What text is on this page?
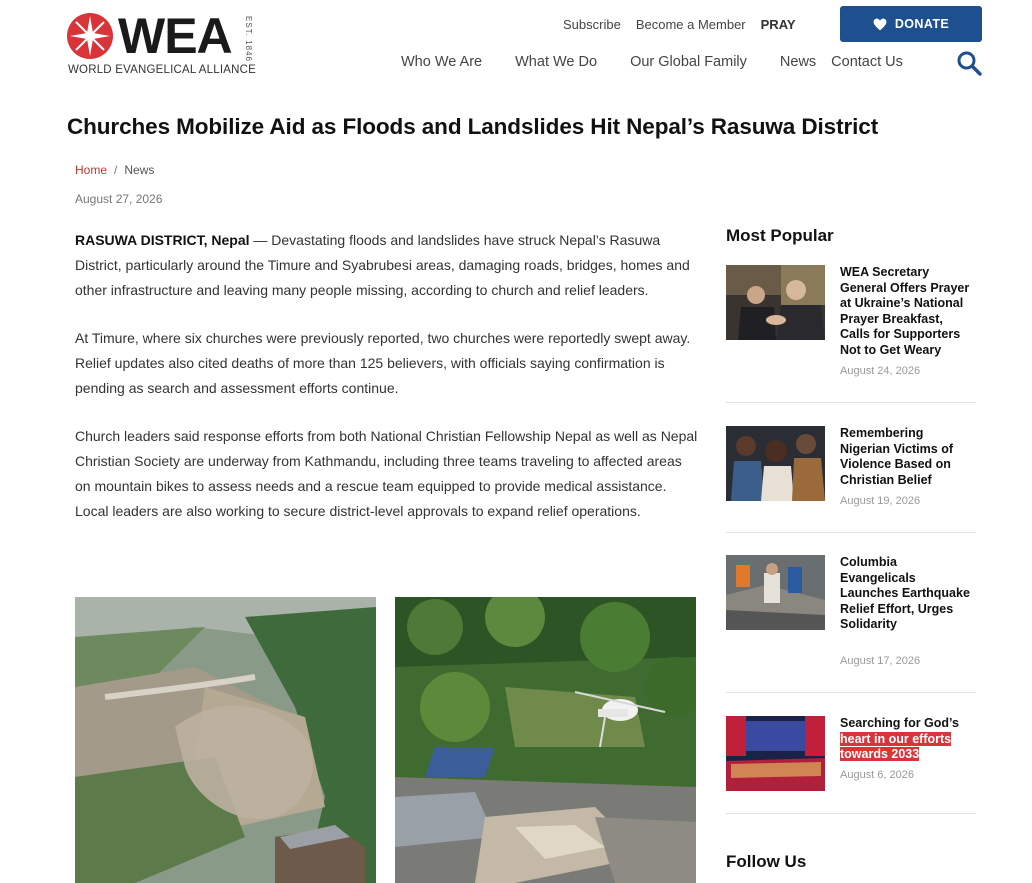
WEA EST. 1846
WORLD EVANGELICAL ALLIANCE
Subscribe Become a Member PRAY	DONATE
Who We Are What We Do Our Global Family News Contact Us
Churches Mobilize Aid as Floods and Landslides Hit Nepal’s Rasuwa District
Home / News
August 27, 2026

RASUWA DISTRICT, Nepal — Devastating floods and landslides have struck Nepal’s Rasuwa District, particularly around the Timure and Syabrubesi areas, damaging roads, bridges, homes and other infrastructure and leaving many people missing, according to church and relief leaders.

At Timure, where six churches were previously reported, two churches were reportedly swept away. Relief updates also cited deaths of more than 125 believers, with officials saying confirmation is pending as search and assessment efforts continue.

Church leaders said response efforts from both National Christian Fellowship Nepal as well as Nepal Christian Society are underway from Kathmandu, including three teams traveling to affected areas on mountain bikes to assess needs and a rescue team equipped to provide medical assistance. Local leaders are also working to secure district-level approvals to expand relief operations.

Most Popular
WEA Secretary General Offers Prayer at Ukraine’s National Prayer Breakfast, Calls for Supporters Not to Get Weary
August 24, 2026
Remembering Nigerian Victims of Violence Based on Christian Belief
August 19, 2026
Columbia Evangelicals Launches Earthquake Relief Effort, Urges Solidarity
August 17, 2026
Searching for God’s heart in our efforts towards 2033
August 6, 2026
Follow Us
